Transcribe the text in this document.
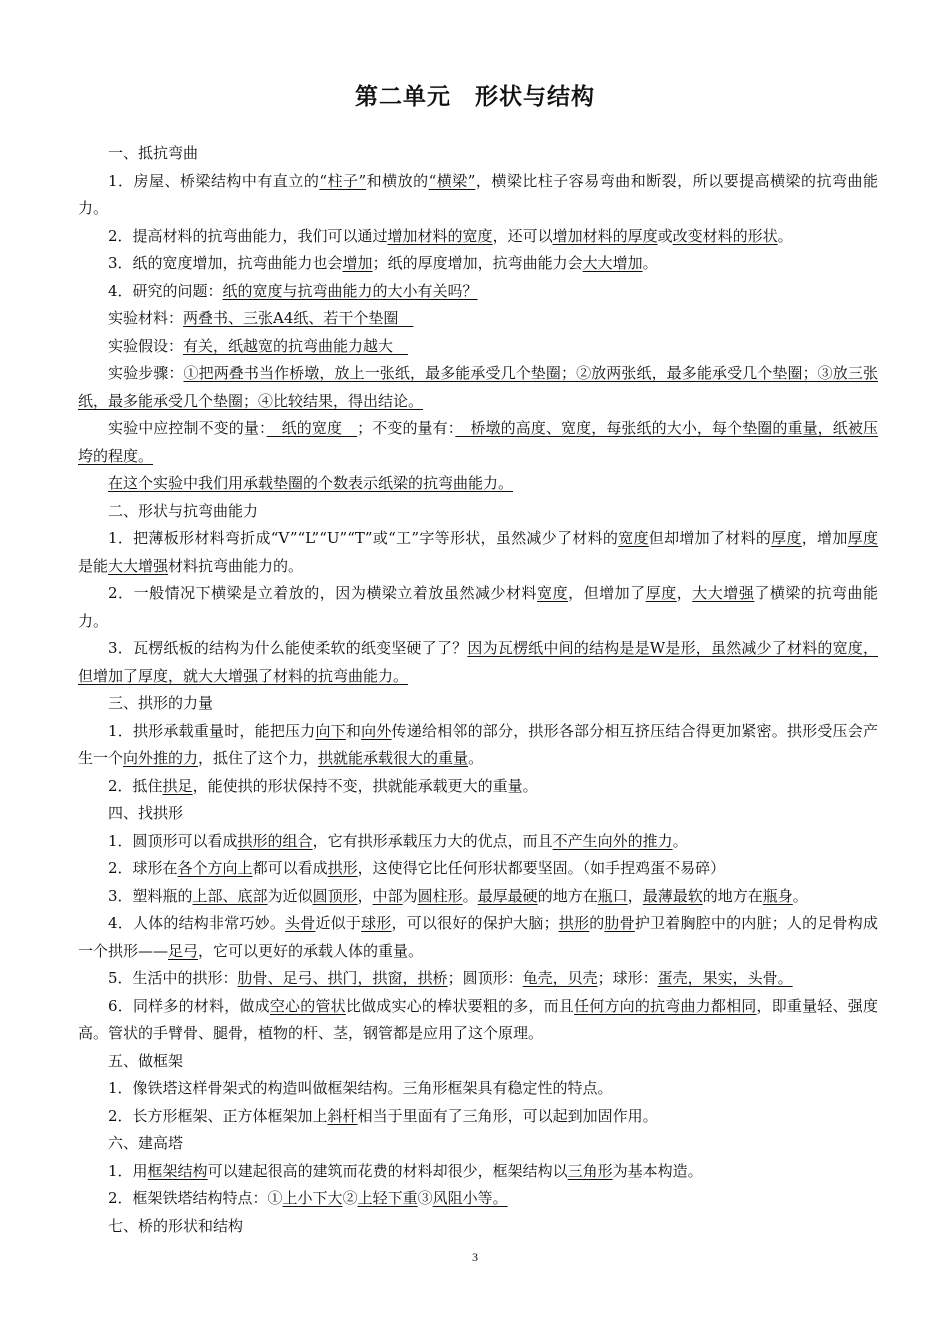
第二单元　形状与结构

一、抵抗弯曲

1．房屋、桥梁结构中有直立的“柱子”和横放的“横梁”，横梁比柱子容易弯曲和断裂，所以要提高横梁的抗弯曲能力。

2．提高材料的抗弯曲能力，我们可以通过增加材料的宽度，还可以增加材料的厚度或改变材料的形状。

3．纸的宽度增加，抗弯曲能力也会增加；纸的厚度增加，抗弯曲能力会大大增加。

4．研究的问题：纸的宽度与抗弯曲能力的大小有关吗？

实验材料：两叠书、三张A4纸、若干个垫圈　

实验假设：有关，纸越宽的抗弯曲能力越大　

实验步骤：①把两叠书当作桥墩，放上一张纸，最多能承受几个垫圈；②放两张纸，最多能承受几个垫圈；③放三张纸，最多能承受几个垫圈；④比较结果，得出结论。

实验中应控制不变的量：　纸的宽度　；不变的量有：　桥墩的高度、宽度，每张纸的大小，每个垫圈的重量，纸被压垮的程度。

在这个实验中我们用承载垫圈的个数表示纸梁的抗弯曲能力。

二、形状与抗弯曲能力

1．把薄板形材料弯折成“V”“L”“U”“T”或“工”字等形状，虽然减少了材料的宽度但却增加了材料的厚度，增加厚度是能大大增强材料抗弯曲能力的。

2．一般情况下横梁是立着放的，因为横梁立着放虽然减少材料宽度，但增加了厚度，大大增强了横梁的抗弯曲能力。

3．瓦楞纸板的结构为什么能使柔软的纸变坚硬了了？因为瓦楞纸中间的结构是是W是形，虽然减少了材料的宽度，但增加了厚度，就大大增强了材料的抗弯曲能力。

三、拱形的力量

1．拱形承载重量时，能把压力向下和向外传递给相邻的部分，拱形各部分相互挤压结合得更加紧密。拱形受压会产生一个向外推的力，抵住了这个力，拱就能承载很大的重量。

2．抵住拱足，能使拱的形状保持不变，拱就能承载更大的重量。

四、找拱形

1．圆顶形可以看成拱形的组合，它有拱形承载压力大的优点，而且不产生向外的推力。

2．球形在各个方向上都可以看成拱形，这使得它比任何形状都要坚固。（如手捏鸡蛋不易碎）

3．塑料瓶的上部、底部为近似圆顶形，中部为圆柱形。最厚最硬的地方在瓶口，最薄最软的地方在瓶身。

4．人体的结构非常巧妙。头骨近似于球形，可以很好的保护大脑；拱形的肋骨护卫着胸腔中的内脏；人的足骨构成一个拱形——足弓，它可以更好的承载人体的重量。

5．生活中的拱形：肋骨、足弓、拱门，拱窗，拱桥；圆顶形：龟壳，贝壳；球形：蛋壳，果实，头骨。

6．同样多的材料，做成空心的管状比做成实心的棒状要粗的多，而且任何方向的抗弯曲力都相同，即重量轻、强度高。管状的手臂骨、腿骨，植物的杆、茎，钢管都是应用了这个原理。

五、做框架

1．像铁塔这样骨架式的构造叫做框架结构。三角形框架具有稳定性的特点。

2．长方形框架、正方体框架加上斜杆相当于里面有了三角形，可以起到加固作用。

六、建高塔

1．用框架结构可以建起很高的建筑而花费的材料却很少，框架结构以三角形为基本构造。

2．框架铁塔结构特点：①上小下大②上轻下重③风阻小等。

七、桥的形状和结构

3
